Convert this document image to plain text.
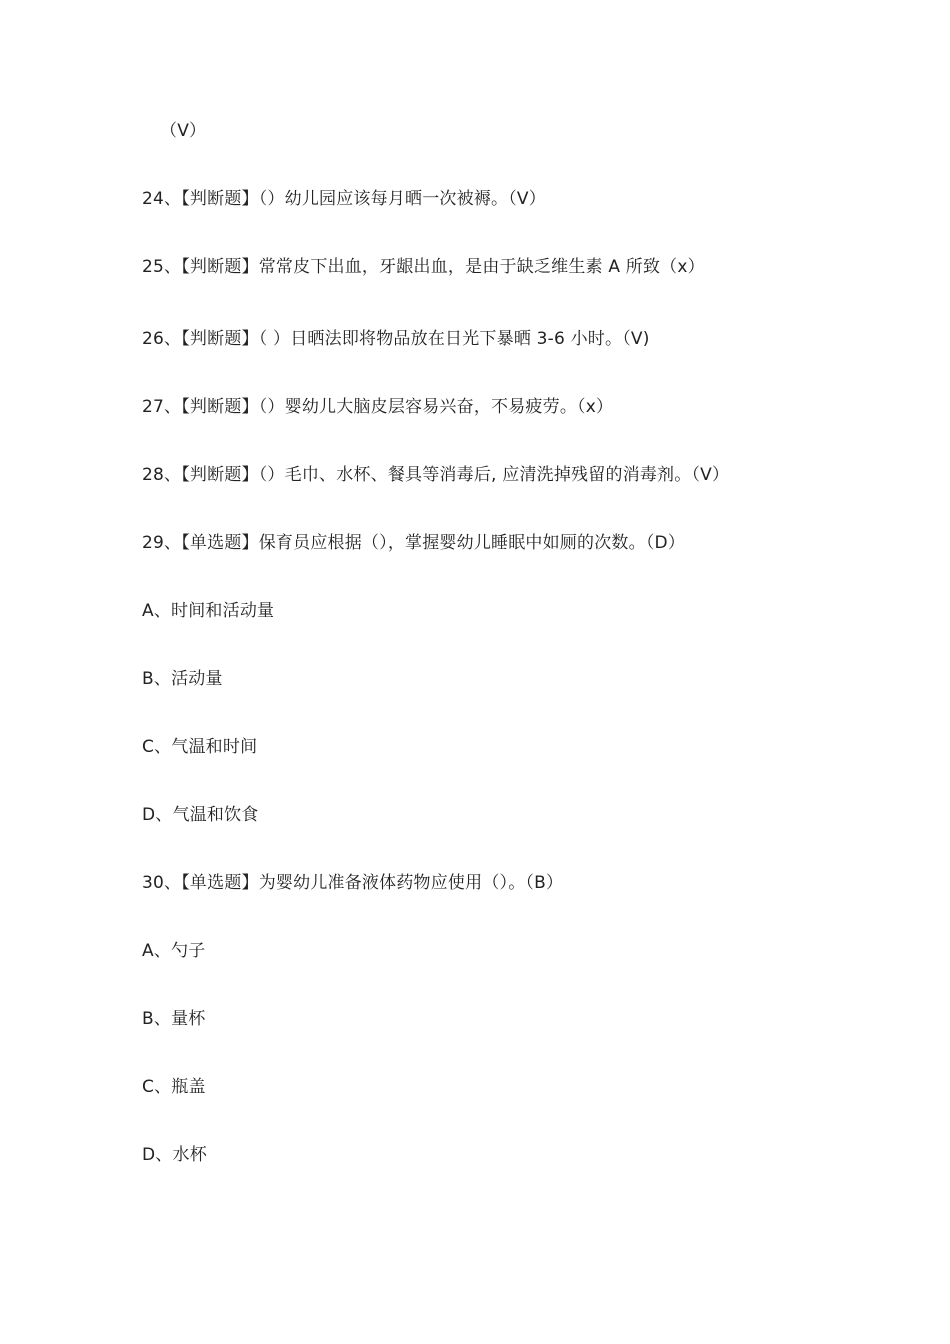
（V）
24、【判断题】（）幼儿园应该每月晒一次被褥。（V）
25、【判断题】常常皮下出血，牙龈出血，是由于缺乏维生素 A 所致（x）
26、【判断题】（ ）日晒法即将物品放在日光下暴晒 3-6 小时。（V)
27、【判断题】（）婴幼儿大脑皮层容易兴奋，不易疲劳。（x）
28、【判断题】（）毛巾、水杯、餐具等消毒后, 应清洗掉残留的消毒剂。（V）
29、【单选题】保育员应根据（），掌握婴幼儿睡眠中如厕的次数。（D）
A、时间和活动量
B、活动量
C、气温和时间
D、气温和饮食
30、【单选题】为婴幼儿准备液体药物应使用（）。（B）
A、勺子
B、量杯
C、瓶盖
D、水杯
